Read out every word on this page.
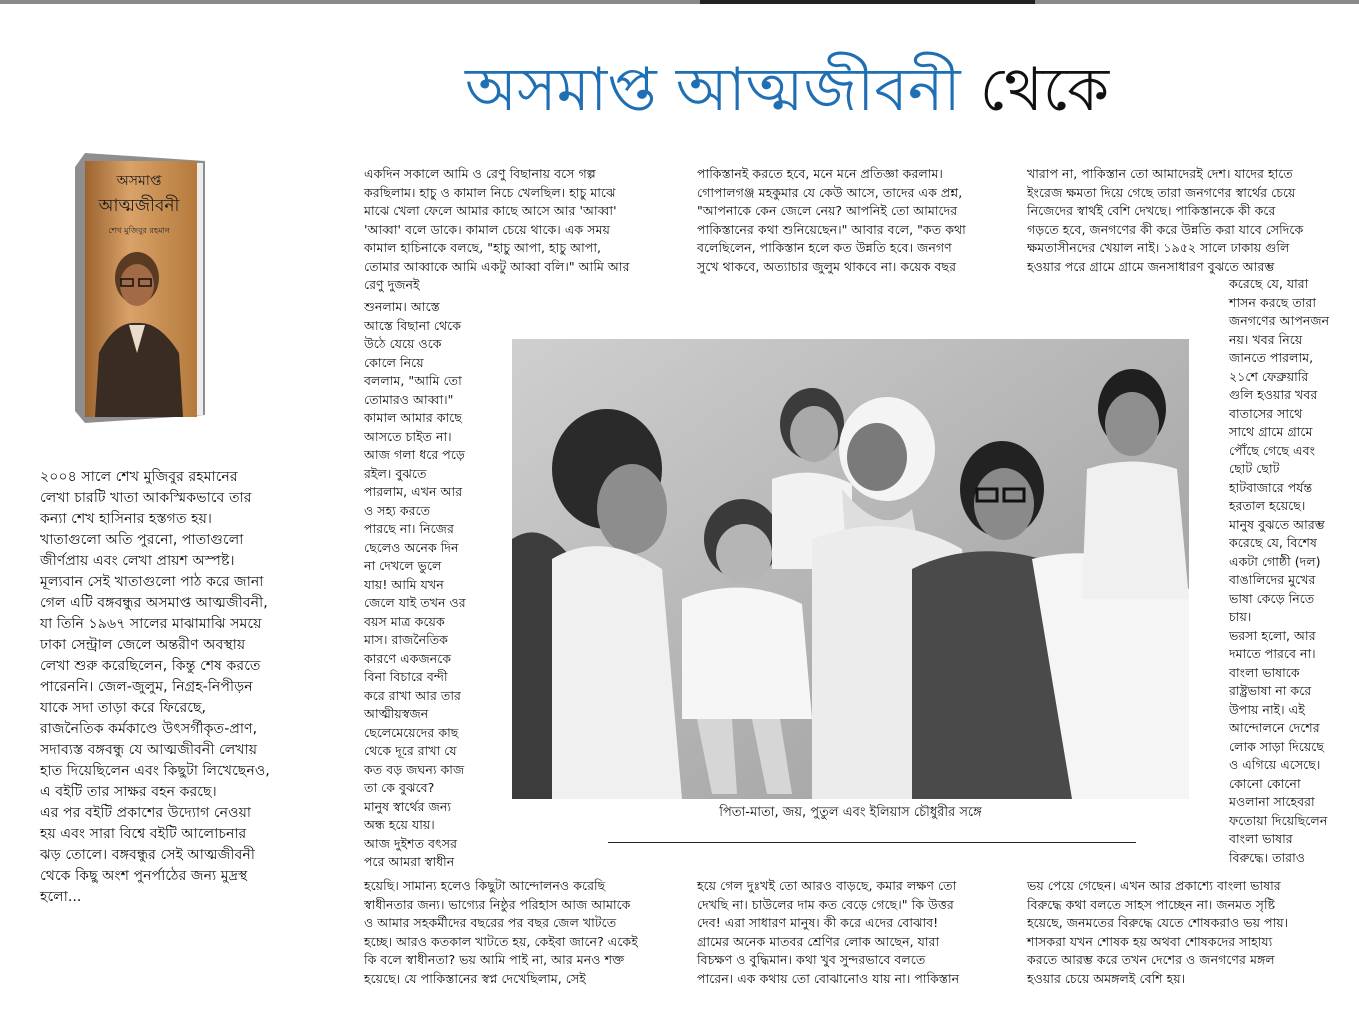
অসমাপ্ত আত্মজীবনী থেকে
অসমাপ্ত
আত্মজীবনী
শেখ মুজিবুর রহমান
২০০৪ সালে শেখ মুজিবুর রহমানের
লেখা চারটি খাতা আকস্মিকভাবে তার
কন্যা শেখ হাসিনার হস্তগত হয়।
খাতাগুলো অতি পুরনো, পাতাগুলো
জীর্ণপ্রায় এবং লেখা প্রায়শ অস্পষ্ট।
মূল্যবান সেই খাতাগুলো পাঠ করে জানা
গেল এটি বঙ্গবন্ধুর অসমাপ্ত আত্মজীবনী,
যা তিনি ১৯৬৭ সালের মাঝামাঝি সময়ে
ঢাকা সেন্ট্রাল জেলে অন্তরীণ অবস্থায়
লেখা শুরু করেছিলেন, কিন্তু শেষ করতে
পারেননি। জেল-জুলুম, নিগ্রহ-নিপীড়ন
যাকে সদা তাড়া করে ফিরেছে,
রাজনৈতিক কর্মকাণ্ডে উৎসর্গীকৃত-প্রাণ,
সদাব্যস্ত বঙ্গবন্ধু যে আত্মজীবনী লেখায়
হাত দিয়েছিলেন এবং কিছুটা লিখেছেনও,
এ বইটি তার সাক্ষর বহন করছে।
এর পর বইটি প্রকাশের উদ্যোগ নেওয়া
হয় এবং সারা বিশ্বে বইটি আলোচনার
ঝড় তোলে। বঙ্গবন্ধুর সেই আত্মজীবনী
থেকে কিছু অংশ পুনর্পাঠের জন্য মুদ্রস্থ
হলো...
একদিন সকালে আমি ও রেণু বিছানায় বসে গল্প
করছিলাম। হাচু ও কামাল নিচে খেলছিল। হাচু মাঝে
মাঝে খেলা ফেলে আমার কাছে আসে আর 'আব্বা'
'আব্বা' বলে ডাকে। কামাল চেয়ে থাকে। এক সময়
কামাল হাচিনাকে বলছে, "হাচু আপা, হাচু আপা,
তোমার আব্বাকে আমি একটু আব্বা বলি।" আমি আর
রেণু দুজনই
শুনলাম। আস্তে
আস্তে বিছানা থেকে
উঠে যেয়ে ওকে
কোলে নিয়ে
বললাম, "আমি তো
তোমারও আব্বা।"
কামাল আমার কাছে
আসতে চাইত না।
আজ গলা ধরে পড়ে
রইল। বুঝতে
পারলাম, এখন আর
ও সহ্য করতে
পারছে না। নিজের
ছেলেও অনেক দিন
না দেখলে ভুলে
যায়! আমি যখন
জেলে যাই তখন ওর
বয়স মাত্র কয়েক
মাস। রাজনৈতিক
কারণে একজনকে
বিনা বিচারে বন্দী
করে রাখা আর তার
আত্মীয়স্বজন
ছেলেমেয়েদের কাছ
থেকে দূরে রাখা যে
কত বড় জঘন্য কাজ
তা কে বুঝবে?
মানুষ স্বার্থের জন্য
অন্ধ হয়ে যায়।
আজ দুইশত বৎসর
পরে আমরা স্বাধীন
হয়েছি। সামান্য হলেও কিছুটা আন্দোলনও করেছি
স্বাধীনতার জন্য। ভাগ্যের নিষ্ঠুর পরিহাস আজ আমাকে
ও আমার সহকর্মীদের বছরের পর বছর জেল খাটতে
হচ্ছে। আরও কতকাল খাটতে হয়, কেইবা জানে? একেই
কি বলে স্বাধীনতা? ভয় আমি পাই না, আর মনও শক্ত
হয়েছে। যে পাকিস্তানের স্বপ্ন দেখেছিলাম, সেই
পাকিস্তানই করতে হবে, মনে মনে প্রতিজ্ঞা করলাম।
গোপালগঞ্জ মহকুমার যে কেউ আসে, তাদের এক প্রশ্ন,
"আপনাকে কেন জেলে নেয়? আপনিই তো আমাদের
পাকিস্তানের কথা শুনিয়েছেন।" আবার বলে, "কত কথা
বলেছিলেন, পাকিস্তান হলে কত উন্নতি হবে। জনগণ
সুখে থাকবে, অত্যাচার জুলুম থাকবে না। কয়েক বছর
হয়ে গেল দুঃখই তো আরও বাড়ছে, কমার লক্ষণ তো
দেখছি না। চাউলের দাম কত বেড়ে গেছে।" কি উত্তর
দেব! এরা সাধারণ মানুষ। কী করে এদের বোঝাব!
গ্রামের অনেক মাতবর শ্রেণির লোক আছেন, যারা
বিচক্ষণ ও বুদ্ধিমান। কথা খুব সুন্দরভাবে বলতে
পারেন। এক কথায় তো বোঝানোও যায় না। পাকিস্তান
খারাপ না, পাকিস্তান তো আমাদেরই দেশ। যাদের হাতে
ইংরেজ ক্ষমতা দিয়ে গেছে তারা জনগণের স্বার্থের চেয়ে
নিজেদের স্বার্থই বেশি দেখছে। পাকিস্তানকে কী করে
গড়তে হবে, জনগণের কী করে উন্নতি করা যাবে সেদিকে
ক্ষমতাসীনদের খেয়াল নাই। ১৯৫২ সালে ঢাকায় গুলি
হওয়ার পরে গ্রামে গ্রামে জনসাধারণ বুঝতে আরম্ভ
করেছে যে, যারা
শাসন করছে তারা
জনগণের আপনজন
নয়। খবর নিয়ে
জানতে পারলাম,
২১শে ফেব্রুয়ারি
গুলি হওয়ার খবর
বাতাসের সাথে
সাথে গ্রামে গ্রামে
পৌঁছে গেছে এবং
ছোট ছোট
হাটবাজারে পর্যন্ত
হরতাল হয়েছে।
মানুষ বুঝতে আরম্ভ
করেছে যে, বিশেষ
একটা গোষ্ঠী (দল)
বাঙালিদের মুখের
ভাষা কেড়ে নিতে
চায়।
ভরসা হলো, আর
দমাতে পারবে না।
বাংলা ভাষাকে
রাষ্ট্রভাষা না করে
উপায় নাই। এই
আন্দোলনে দেশের
লোক সাড়া দিয়েছে
ও এগিয়ে এসেছে।
কোনো কোনো
মওলানা সাহেবরা
ফতোয়া দিয়েছিলেন
বাংলা ভাষার
বিরুদ্ধে। তারাও
ভয় পেয়ে গেছেন। এখন আর প্রকাশ্যে বাংলা ভাষার
বিরুদ্ধে কথা বলতে সাহস পাচ্ছেন না। জনমত সৃষ্টি
হয়েছে, জনমতের বিরুদ্ধে যেতে শোষকরাও ভয় পায়।
শাসকরা যখন শোষক হয় অথবা শোষকদের সাহায্য
করতে আরম্ভ করে তখন দেশের ও জনগণের মঙ্গল
হওয়ার চেয়ে অমঙ্গলই বেশি হয়।
পিতা-মাতা, জয়, পুতুল এবং ইলিয়াস চৌধুরীর সঙ্গে
